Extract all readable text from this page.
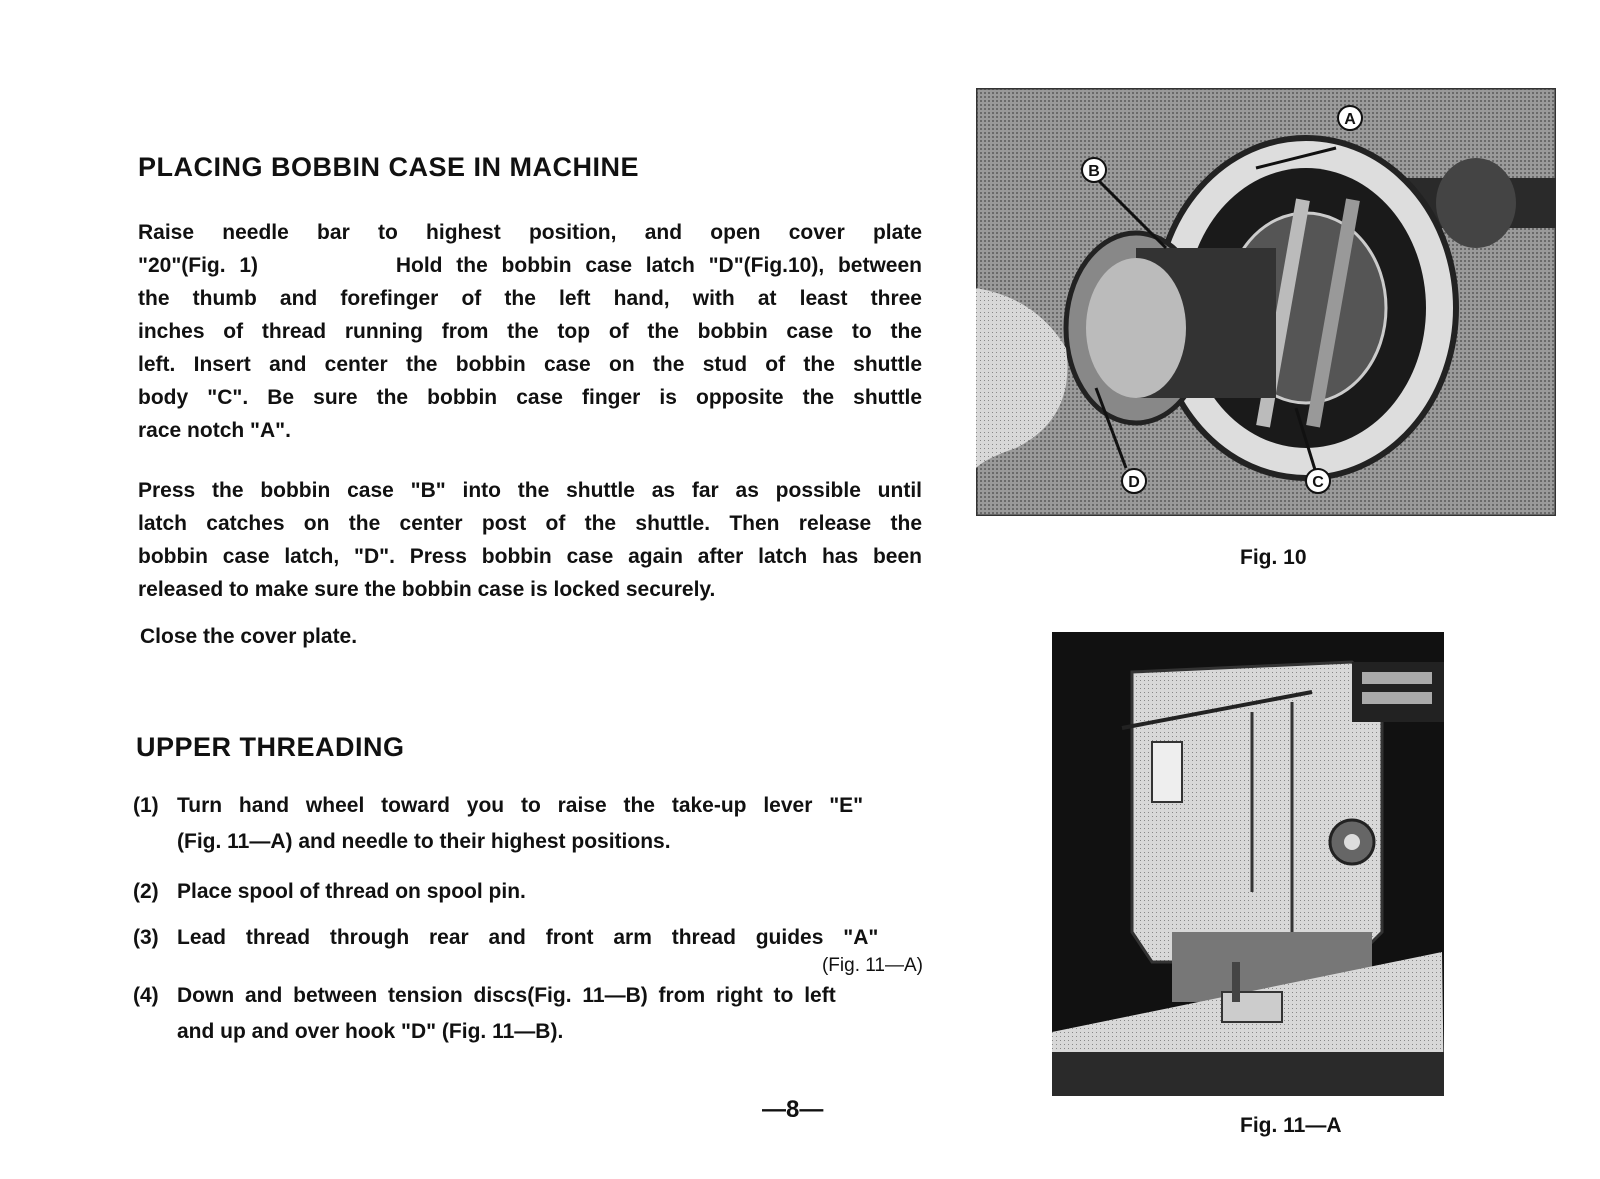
PLACING BOBBIN CASE IN MACHINE
Raise needle bar to highest position, and open cover plate
"20"(Fig. 1)          Hold the bobbin case latch "D"(Fig.10), between
the thumb and forefinger of the left hand, with at least three
inches of thread running from the top of the bobbin case to the
left. Insert and center the bobbin case on the stud of the shuttle
body "C". Be sure the bobbin case finger is opposite the shuttle
race notch "A".
Press the bobbin case "B" into the shuttle as far as possible until
latch catches on the center post of the shuttle. Then release the
bobbin case latch, "D". Press bobbin case again after latch has been
released to make sure the bobbin case is locked securely.
Close the cover plate.
UPPER THREADING
(1) Turn hand wheel toward you to raise the take-up lever "E"
(Fig. 11—A) and needle to their highest positions.
(2) Place spool of thread on spool pin.
(3) Lead thread through rear and front arm thread guides "A"
(Fig. 11—A)
(4) Down and between tension discs(Fig. 11—B) from right to left
and up and over hook "D" (Fig. 11—B).
A
B
C
D
Fig. 10
Fig. 11—A
—8—
